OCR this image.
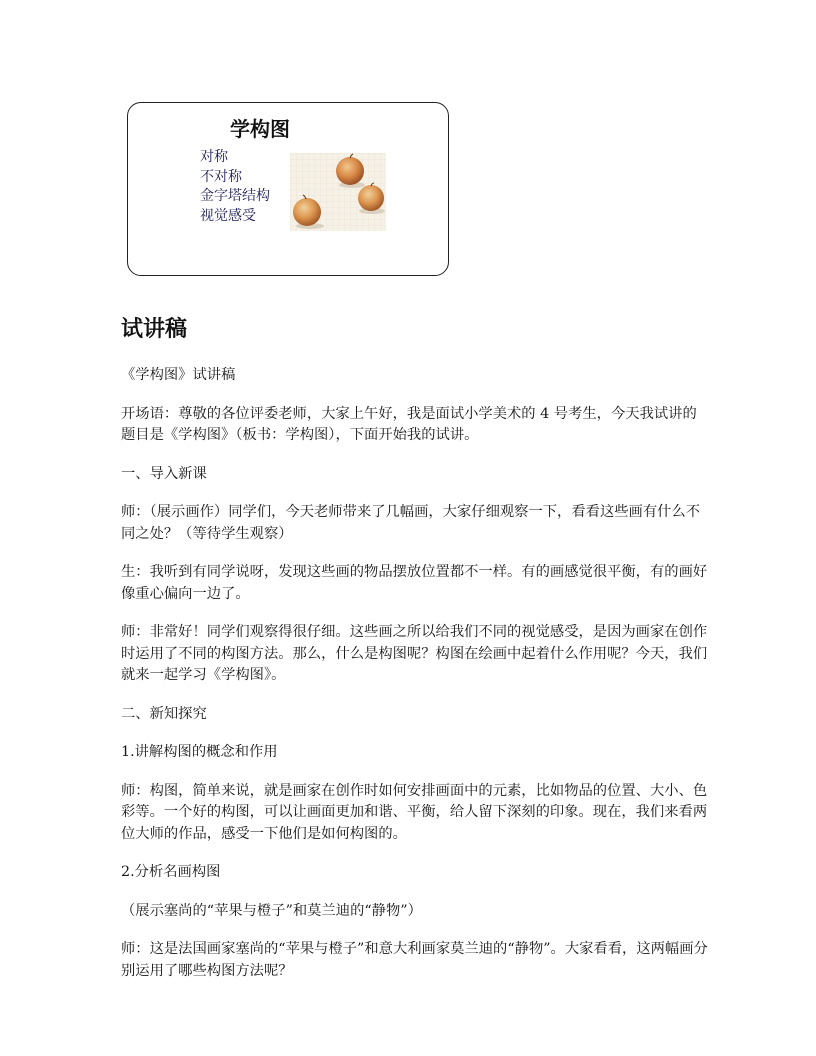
学构图
对称
不对称
金字塔结构
视觉感受
试讲稿

《学构图》试讲稿

开场语：尊敬的各位评委老师，大家上午好，我是面试小学美术的 4 号考生，今天我试讲的题目是《学构图》（板书：学构图），下面开始我的试讲。

一、导入新课

师：（展示画作）同学们，今天老师带来了几幅画，大家仔细观察一下，看看这些画有什么不同之处？（等待学生观察）

生：我听到有同学说呀，发现这些画的物品摆放位置都不一样。有的画感觉很平衡，有的画好像重心偏向一边了。

师：非常好！同学们观察得很仔细。这些画之所以给我们不同的视觉感受，是因为画家在创作时运用了不同的构图方法。那么，什么是构图呢？构图在绘画中起着什么作用呢？今天，我们就来一起学习《学构图》。

二、新知探究

1.讲解构图的概念和作用

师：构图，简单来说，就是画家在创作时如何安排画面中的元素，比如物品的位置、大小、色彩等。一个好的构图，可以让画面更加和谐、平衡，给人留下深刻的印象。现在，我们来看两位大师的作品，感受一下他们是如何构图的。

2.分析名画构图

（展示塞尚的“苹果与橙子”和莫兰迪的“静物”）

师：这是法国画家塞尚的“苹果与橙子”和意大利画家莫兰迪的“静物”。大家看看，这两幅画分别运用了哪些构图方法呢？
